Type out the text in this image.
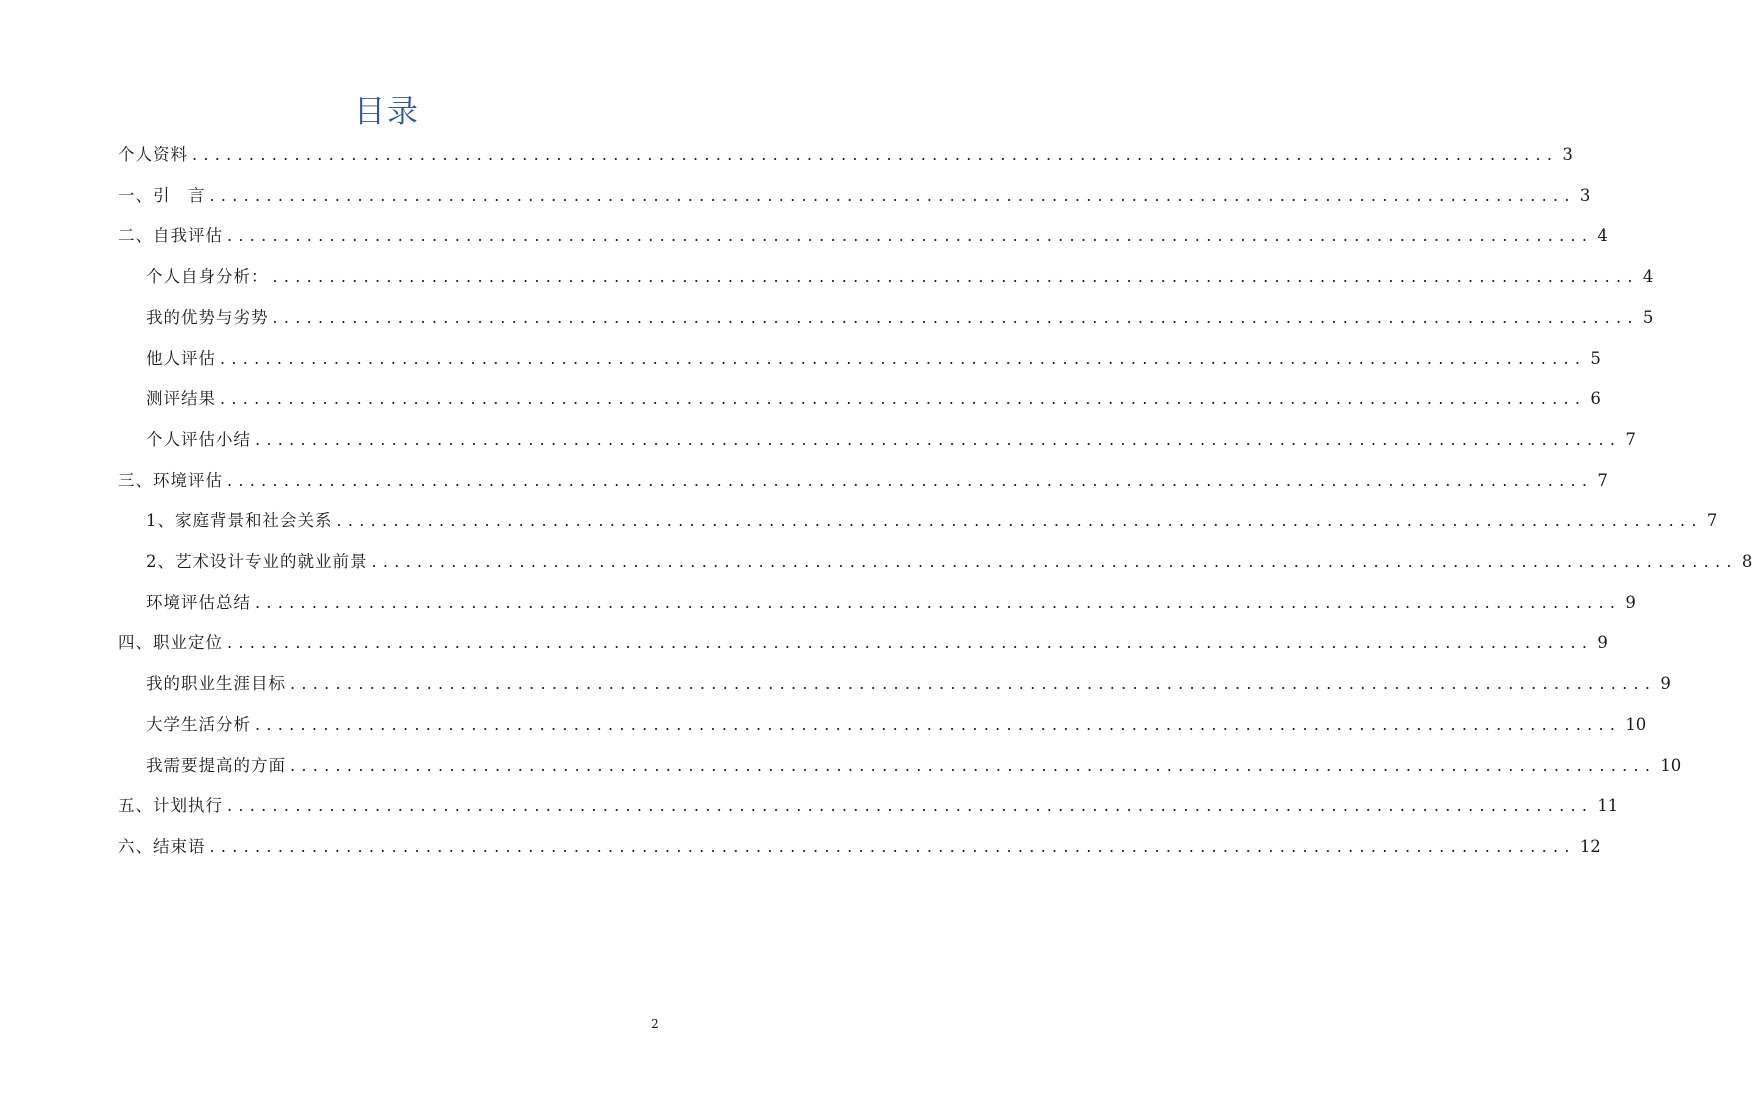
目录
个人资料 ........................................................................................................................ 3
一、引　言 ........................................................................................................................ 3
二、自我评估 ........................................................................................................................ 4
个人自身分析： ........................................................................................................................ 4
我的优势与劣势 ........................................................................................................................ 5
他人评估 ........................................................................................................................ 5
测评结果 ........................................................................................................................ 6
个人评估小结 ........................................................................................................................ 7
三、环境评估 ........................................................................................................................ 7
1、家庭背景和社会关系 ........................................................................................................................ 7
2、艺术设计专业的就业前景 ........................................................................................................................ 8
环境评估总结 ........................................................................................................................ 9
四、职业定位 ........................................................................................................................ 9
我的职业生涯目标 ........................................................................................................................ 9
大学生活分析 ........................................................................................................................ 10
我需要提高的方面 ........................................................................................................................ 10
五、计划执行 ........................................................................................................................ 11
六、结束语 ........................................................................................................................ 12
2
